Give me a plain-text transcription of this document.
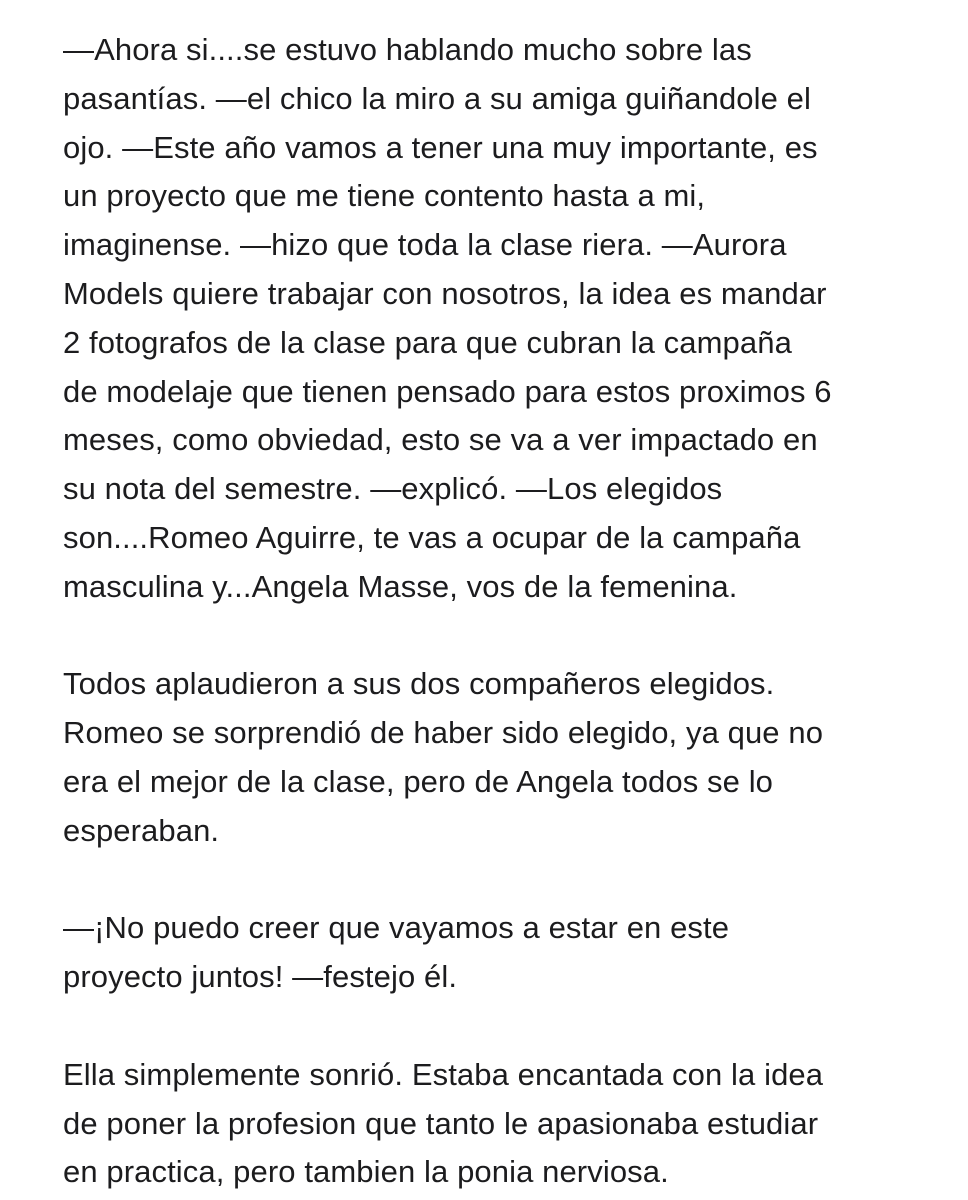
—Ahora si....se estuvo hablando mucho sobre las
pasantías. —el chico la miro a su amiga guiñandole el
ojo. —Este año vamos a tener una muy importante, es
un proyecto que me tiene contento hasta a mi,
imaginense. —hizo que toda la clase riera. —Aurora
Models quiere trabajar con nosotros, la idea es mandar
2 fotografos de la clase para que cubran la campaña
de modelaje que tienen pensado para estos proximos 6
meses, como obviedad, esto se va a ver impactado en
su nota del semestre. —explicó. —Los elegidos
son....Romeo Aguirre, te vas a ocupar de la campaña
masculina y...Angela Masse, vos de la femenina.
Todos aplaudieron a sus dos compañeros elegidos.
Romeo se sorprendió de haber sido elegido, ya que no
era el mejor de la clase, pero de Angela todos se lo
esperaban.
—¡No puedo creer que vayamos a estar en este
proyecto juntos! —festejo él.
Ella simplemente sonrió. Estaba encantada con la idea
de poner la profesion que tanto le apasionaba estudiar
en practica, pero tambien la ponia nerviosa.
